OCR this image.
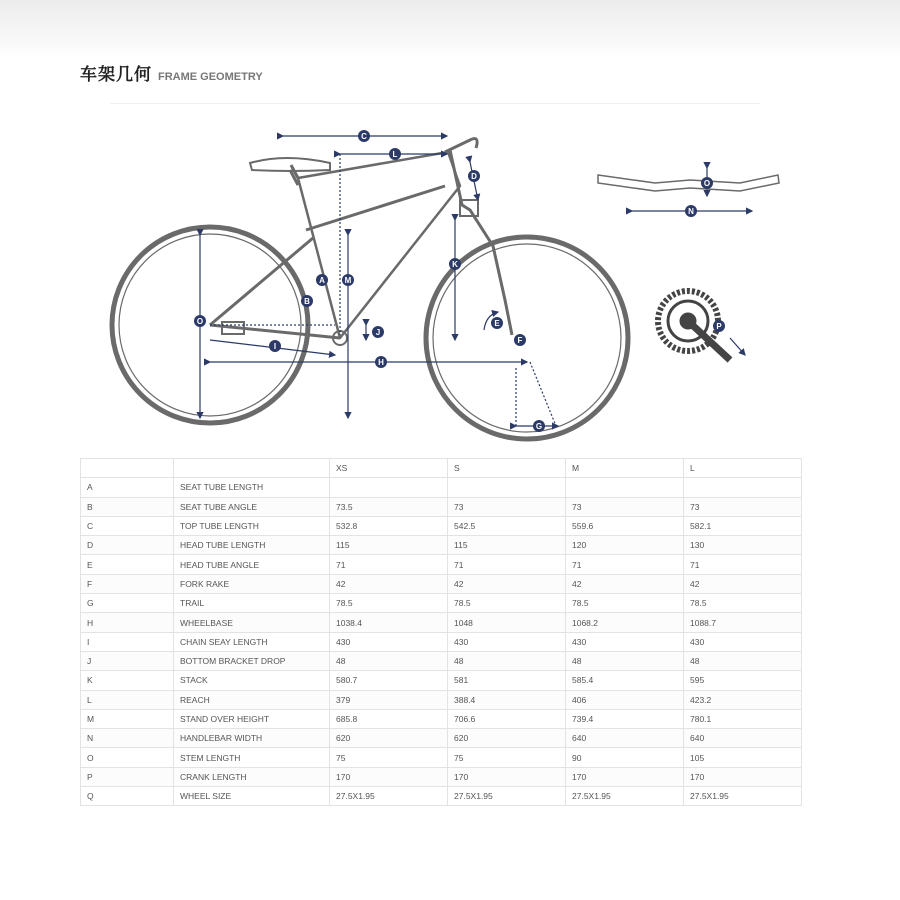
车架几何 FRAME GEOMETRY
C
L
D
K
A M
B
O
J
I
H
E
F
G
O
N
P
		XS	S	M	L
A	SEAT TUBE LENGTH				
B	SEAT TUBE ANGLE	73.5	73	73	73
C	TOP TUBE LENGTH	532.8	542.5	559.6	582.1
D	HEAD TUBE LENGTH	115	115	120	130
E	HEAD TUBE ANGLE	71	71	71	71
F	FORK RAKE	42	42	42	42
G	TRAIL	78.5	78.5	78.5	78.5
H	WHEELBASE	1038.4	1048	1068.2	1088.7
I	CHAIN SEAY LENGTH	430	430	430	430
J	BOTTOM BRACKET DROP	48	48	48	48
K	STACK	580.7	581	585.4	595
L	REACH	379	388.4	406	423.2
M	STAND OVER HEIGHT	685.8	706.6	739.4	780.1
N	HANDLEBAR WIDTH	620	620	640	640
O	STEM LENGTH	75	75	90	105
P	CRANK LENGTH	170	170	170	170
Q	WHEEL SIZE	27.5X1.95	27.5X1.95	27.5X1.95	27.5X1.95
